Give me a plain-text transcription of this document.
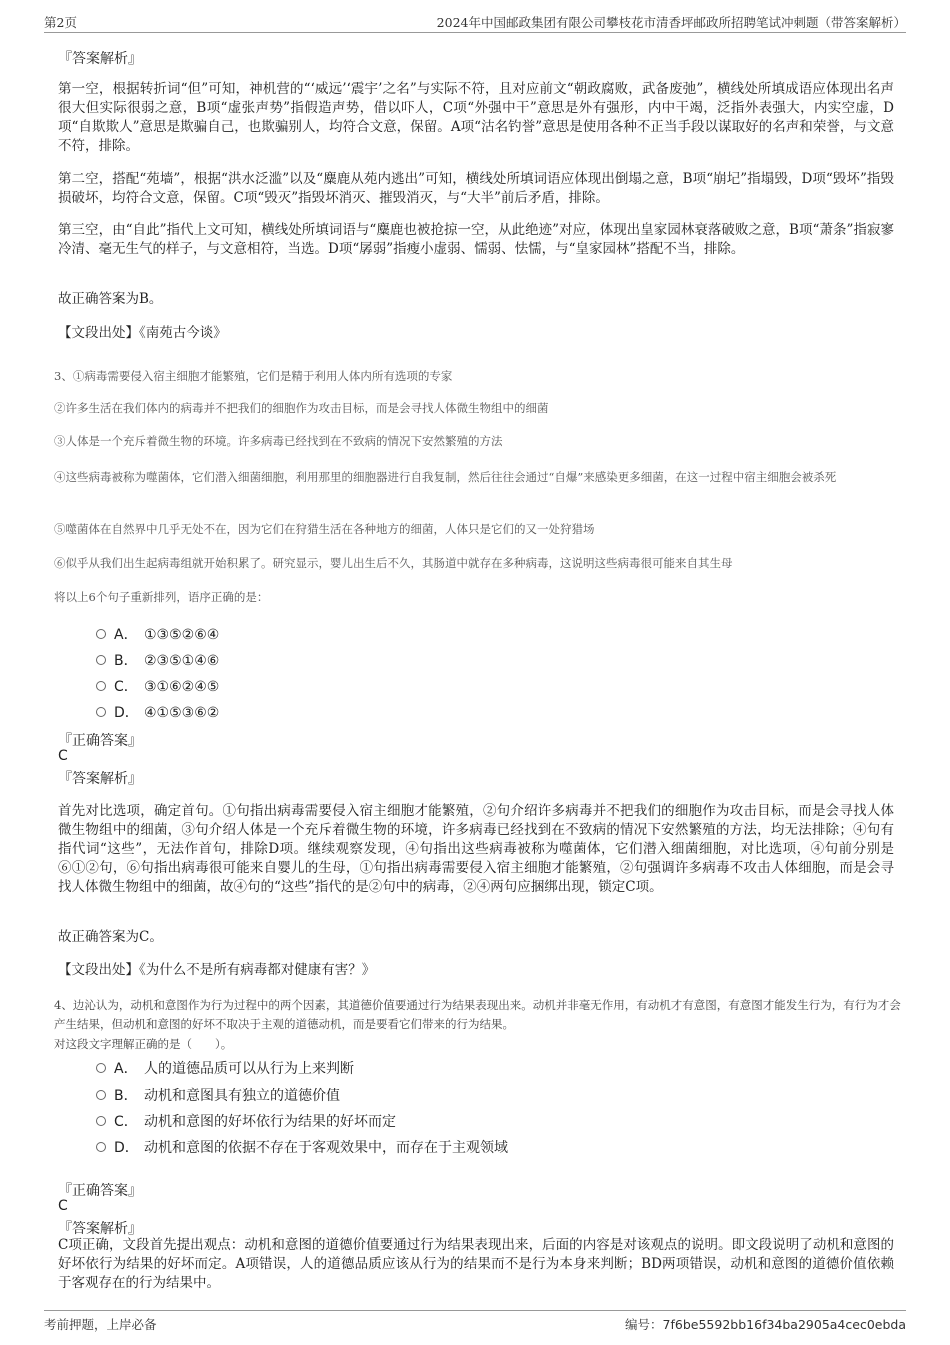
第2页	2024年中国邮政集团有限公司攀枝花市清香坪邮政所招聘笔试冲刺题（带答案解析）
『答案解析』

第一空，根据转折词“但”可知，神机营的“‘威远’‘震宇’之名”与实际不符，且对应前文“朝政腐败，武备废弛”，横线处所填成语应体现出名声很大但实际很弱之意，B项“虚张声势”指假造声势，借以吓人，C项“外强中干”意思是外有强形，内中干竭，泛指外表强大，内实空虚，D项“自欺欺人”意思是欺骗自己，也欺骗别人，均符合文意，保留。A项“沽名钓誉”意思是使用各种不正当手段以谋取好的名声和荣誉，与文意不符，排除。

第二空，搭配“苑墙”，根据“洪水泛滥”以及“麋鹿从苑内逃出”可知，横线处所填词语应体现出倒塌之意，B项“崩圮”指塌毁，D项“毁坏”指毁损破坏，均符合文意，保留。C项“毁灭”指毁坏消灭、摧毁消灭，与“大半”前后矛盾，排除。

第三空，由“自此”指代上文可知，横线处所填词语与“麋鹿也被抢掠一空，从此绝迹”对应，体现出皇家园林衰落破败之意，B项“萧条”指寂寥冷清、毫无生气的样子，与文意相符，当选。D项“孱弱”指瘦小虚弱、懦弱、怯懦，与“皇家园林”搭配不当，排除。

故正确答案为B。

【文段出处】《南苑古今谈》

3、①病毒需要侵入宿主细胞才能繁殖，它们是精于利用人体内所有选项的专家
②许多生活在我们体内的病毒并不把我们的细胞作为攻击目标，而是会寻找人体微生物组中的细菌
③人体是一个充斥着微生物的环境。许多病毒已经找到在不致病的情况下安然繁殖的方法
④这些病毒被称为噬菌体，它们潜入细菌细胞，利用那里的细胞器进行自我复制，然后往往会通过“自爆”来感染更多细菌，在这一过程中宿主细胞会被杀死
⑤噬菌体在自然界中几乎无处不在，因为它们在狩猎生活在各种地方的细菌，人体只是它们的又一处狩猎场
⑥似乎从我们出生起病毒组就开始积累了。研究显示，婴儿出生后不久，其肠道中就存在多种病毒，这说明这些病毒很可能来自其生母
将以上6个句子重新排列，语序正确的是：
A． ①③⑤②⑥④
B． ②③⑤①④⑥
C． ③①⑥②④⑤
D． ④①⑤③⑥②
『正确答案』
C
『答案解析』

首先对比选项，确定首句。①句指出病毒需要侵入宿主细胞才能繁殖，②句介绍许多病毒并不把我们的细胞作为攻击目标，而是会寻找人体微生物组中的细菌，③句介绍人体是一个充斥着微生物的环境，许多病毒已经找到在不致病的情况下安然繁殖的方法，均无法排除；④句有指代词“这些”，无法作首句，排除D项。继续观察发现，④句指出这些病毒被称为噬菌体，它们潜入细菌细胞，对比选项，④句前分别是⑥①②句，⑥句指出病毒很可能来自婴儿的生母，①句指出病毒需要侵入宿主细胞才能繁殖，②句强调许多病毒不攻击人体细胞，而是会寻找人体微生物组中的细菌，故④句的“这些”指代的是②句中的病毒，②④两句应捆绑出现，锁定C项。

故正确答案为C。

【文段出处】《为什么不是所有病毒都对健康有害？》

4、边沁认为，动机和意图作为行为过程中的两个因素，其道德价值要通过行为结果表现出来。动机并非毫无作用，有动机才有意图，有意图才能发生行为，有行为才会产生结果，但动机和意图的好坏不取决于主观的道德动机，而是要看它们带来的行为结果。
对这段文字理解正确的是（　　）。
A． 人的道德品质可以从行为上来判断
B． 动机和意图具有独立的道德价值
C． 动机和意图的好坏依行为结果的好坏而定
D． 动机和意图的依据不存在于客观效果中，而存在于主观领域
『正确答案』
C
『答案解析』

C项正确，文段首先提出观点：动机和意图的道德价值要通过行为结果表现出来，后面的内容是对该观点的说明。即文段说明了动机和意图的好坏依行为结果的好坏而定。A项错误，人的道德品质应该从行为的结果而不是行为本身来判断；BD两项错误，动机和意图的道德价值依赖于客观存在的行为结果中。

考前押题，上岸必备	编号：7f6be5592bb16f34ba2905a4cec0ebda
